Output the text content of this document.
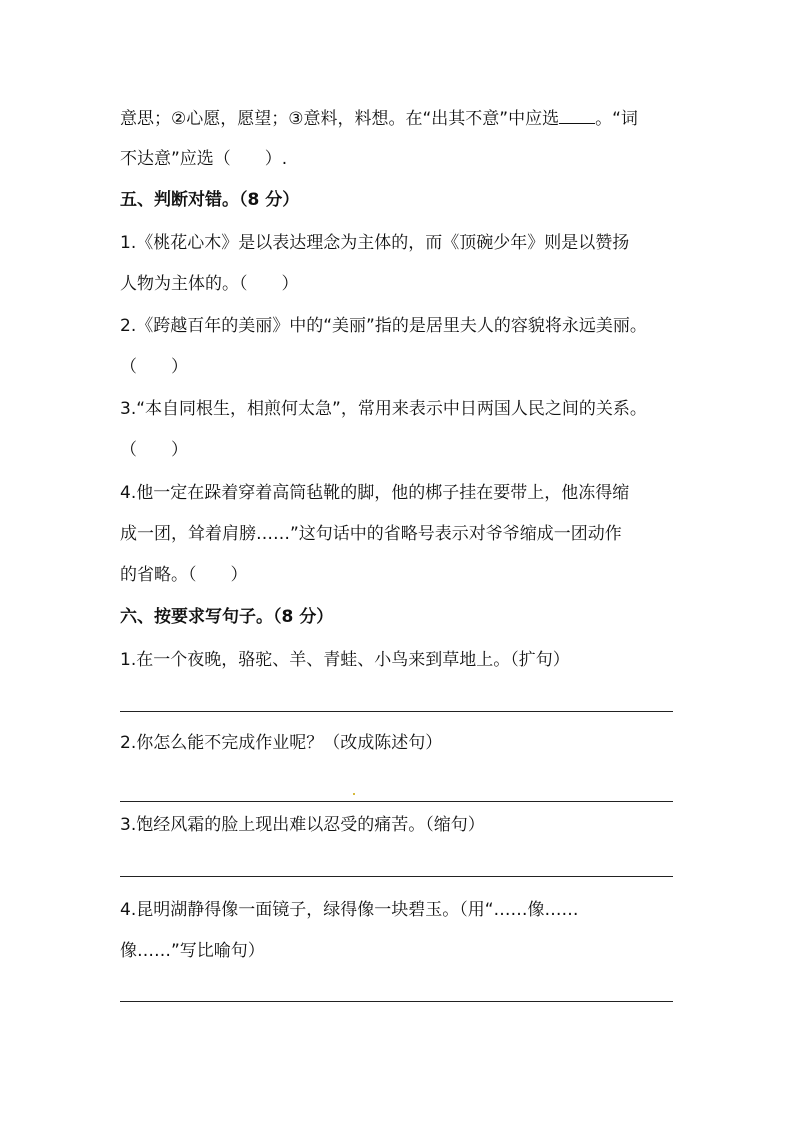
意思；②心愿，愿望；③意料，料想。在“出其不意”中应选 。“词
不达意”应选（　　）.
五、判断对错。（8 分）
1.《桃花心木》是以表达理念为主体的，而《顶碗少年》则是以赞扬
人物为主体的。（　　）
2.《跨越百年的美丽》中的“美丽”指的是居里夫人的容貌将永远美丽。
（　　）
3.“本自同根生，相煎何太急”，常用来表示中日两国人民之间的关系。
（　　）
4.他一定在跺着穿着高筒毡靴的脚，他的梆子挂在要带上，他冻得缩
成一团，耸着肩膀……”这句话中的省略号表示对爷爷缩成一团动作
的省略。（　　）
六、按要求写句子。（8 分）
1.在一个夜晚，骆驼、羊、青蛙、小鸟来到草地上。（扩句）
2.你怎么能不完成作业呢？（改成陈述句）
3.饱经风霜的脸上现出难以忍受的痛苦。（缩句）
4.昆明湖静得像一面镜子，绿得像一块碧玉。（用“……像……
像……”写比喻句）
